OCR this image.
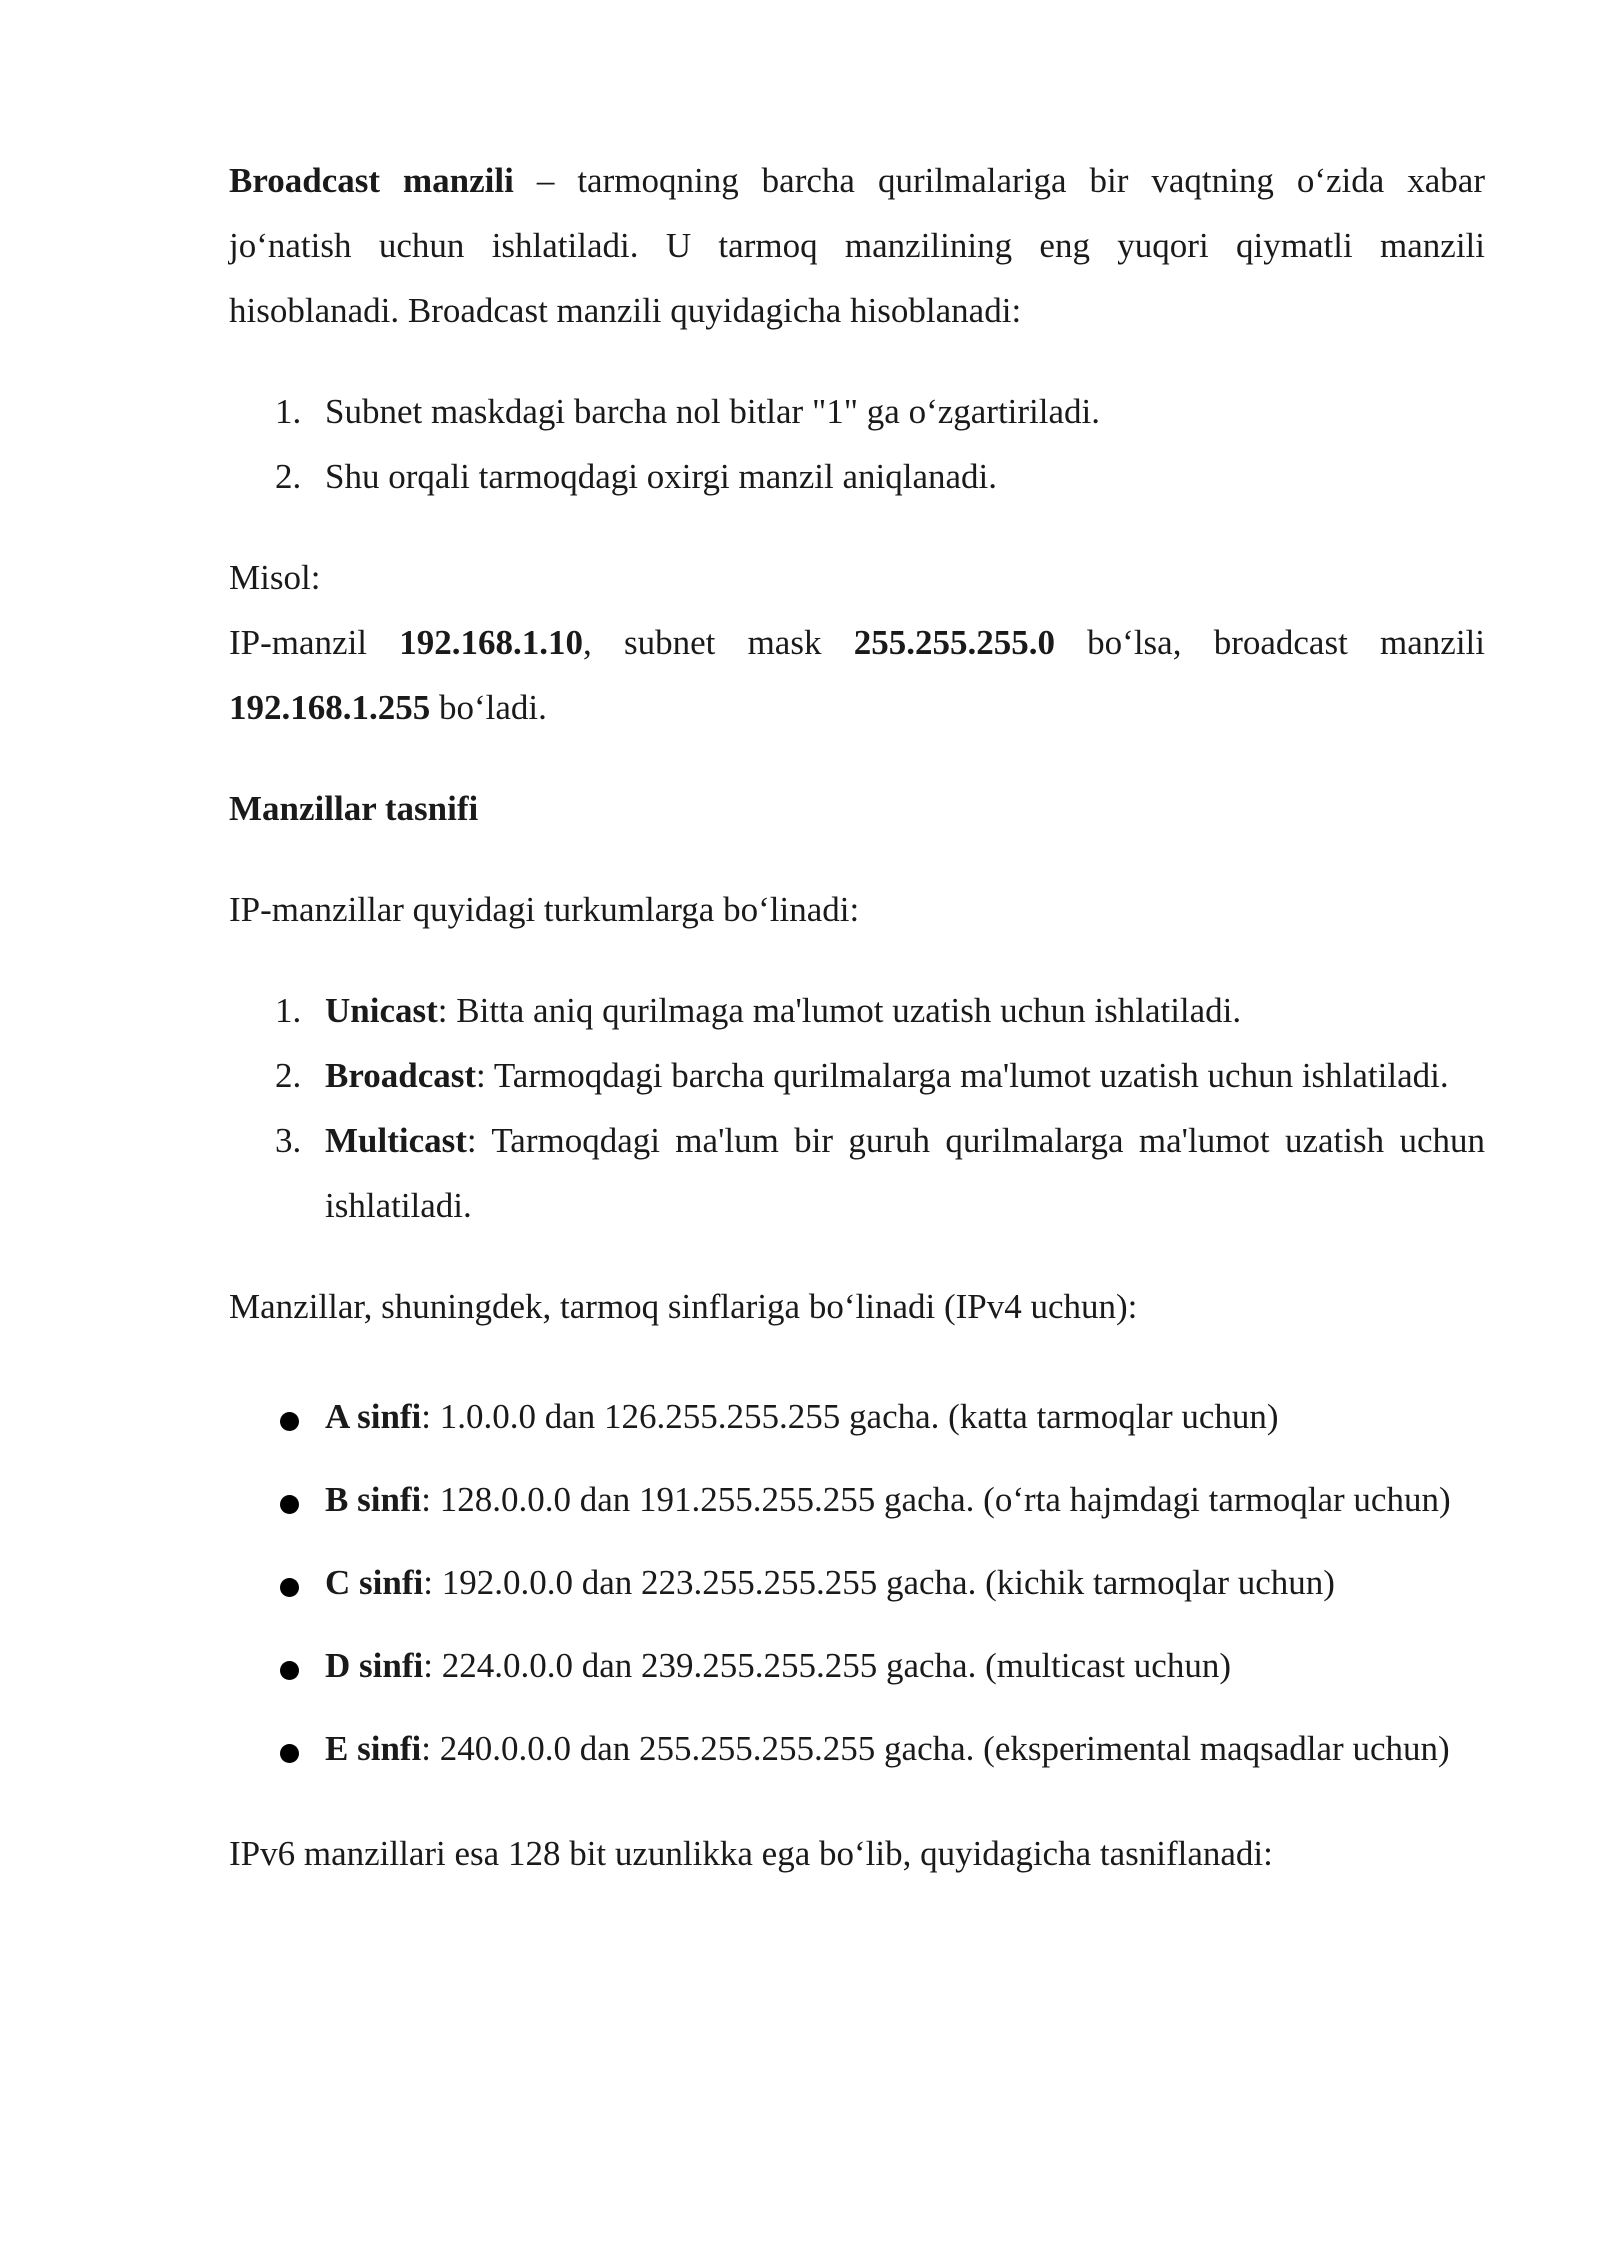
Broadcast manzili – tarmoqning barcha qurilmalariga bir vaqtning o‘zida xabar jo‘natish uchun ishlatiladi. U tarmoq manzilining eng yuqori qiymatli manzili hisoblanadi. Broadcast manzili quyidagicha hisoblanadi:

1. Subnet maskdagi barcha nol bitlar "1" ga o‘zgartiriladi.
2. Shu orqali tarmoqdagi oxirgi manzil aniqlanadi.

Misol:

IP-manzil 192.168.1.10, subnet mask 255.255.255.0 bo‘lsa, broadcast manzili 192.168.1.255 bo‘ladi.

Manzillar tasnifi

IP-manzillar quyidagi turkumlarga bo‘linadi:

1. Unicast: Bitta aniq qurilmaga ma'lumot uzatish uchun ishlatiladi.
2. Broadcast: Tarmoqdagi barcha qurilmalarga ma'lumot uzatish uchun ishlatiladi.
3. Multicast: Tarmoqdagi ma'lum bir guruh qurilmalarga ma'lumot uzatish uchun ishlatiladi.

Manzillar, shuningdek, tarmoq sinflariga bo‘linadi (IPv4 uchun):

A sinfi: 1.0.0.0 dan 126.255.255.255 gacha. (katta tarmoqlar uchun)
B sinfi: 128.0.0.0 dan 191.255.255.255 gacha. (o‘rta hajmdagi tarmoqlar uchun)
C sinfi: 192.0.0.0 dan 223.255.255.255 gacha. (kichik tarmoqlar uchun)
D sinfi: 224.0.0.0 dan 239.255.255.255 gacha. (multicast uchun)
E sinfi: 240.0.0.0 dan 255.255.255.255 gacha. (eksperimental maqsadlar uchun)

IPv6 manzillari esa 128 bit uzunlikka ega bo‘lib, quyidagicha tasniflanadi:
